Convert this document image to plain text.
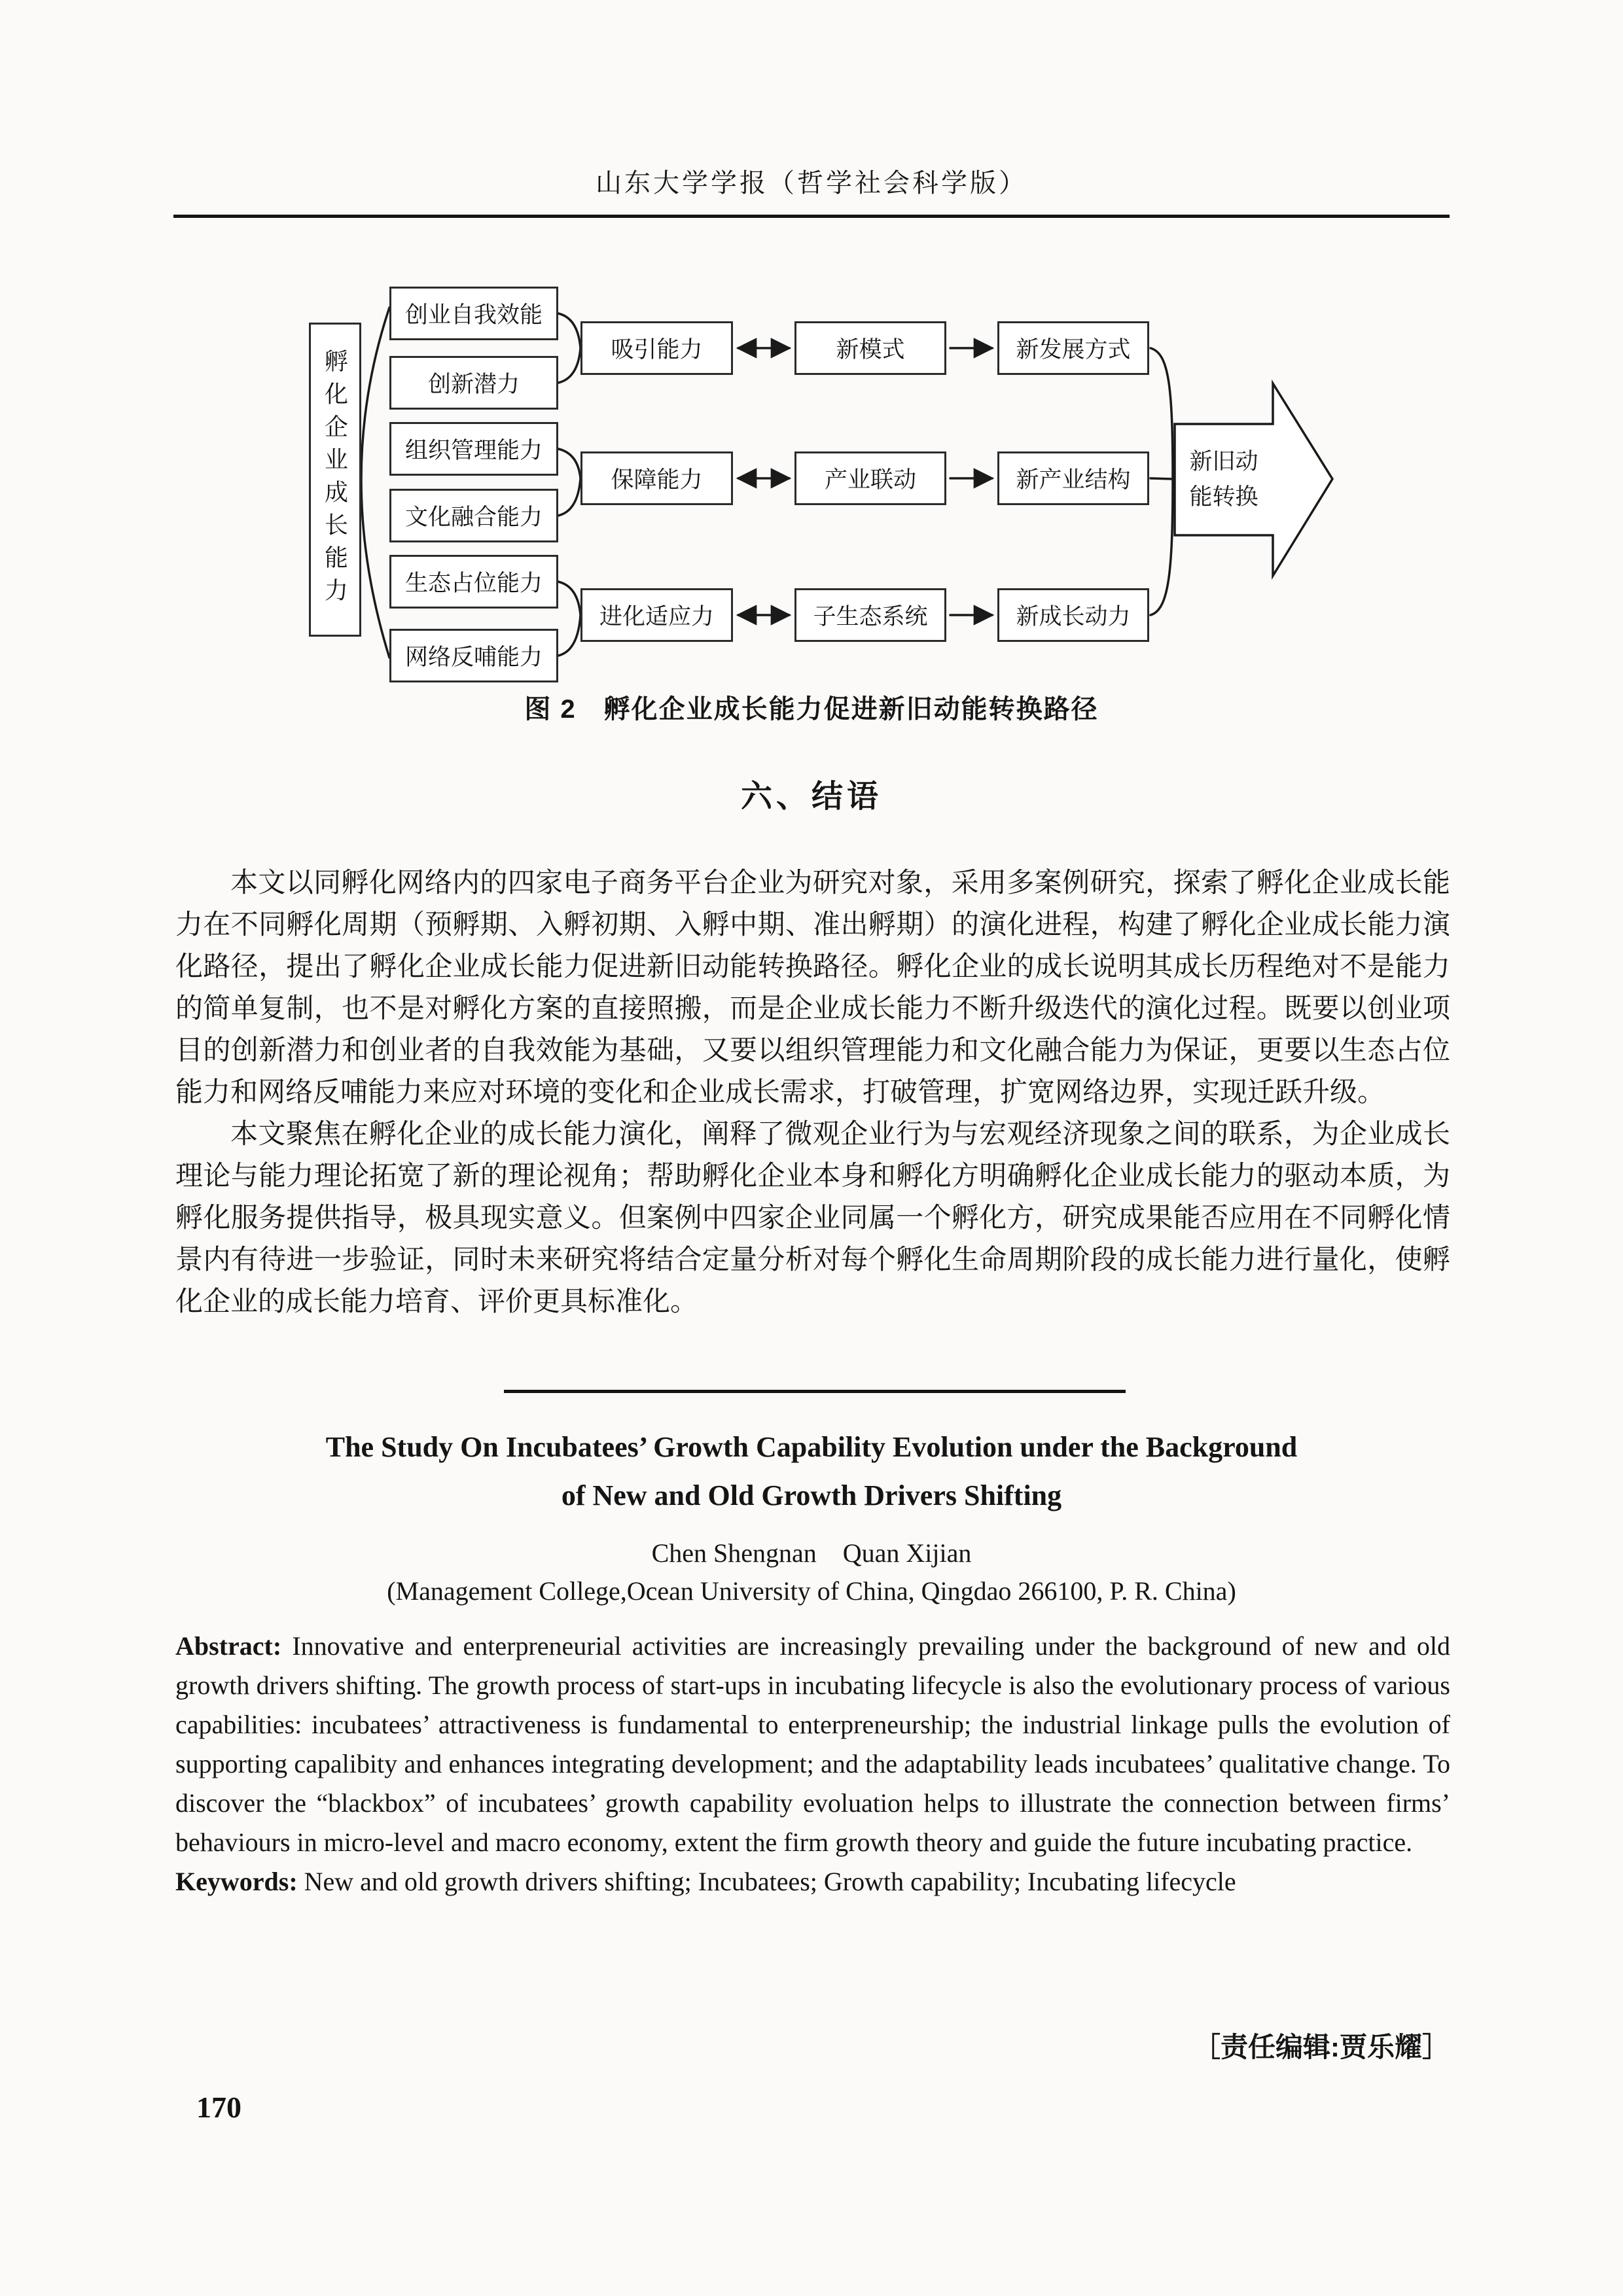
山东大学学报（哲学社会科学版）
孵化企业成长能力
创业自我效能
创新潜力
组织管理能力
文化融合能力
生态占位能力
网络反哺能力
吸引能力
保障能力
进化适应力
新模式
产业联动
子生态系统
新发展方式
新产业结构
新成长动力
新旧动
能转换
图 2　孵化企业成长能力促进新旧动能转换路径
六、结语

本文以同孵化网络内的四家电子商务平台企业为研究对象，采用多案例研究，探索了孵化企业成长能力在不同孵化周期（预孵期、入孵初期、入孵中期、准出孵期）的演化进程，构建了孵化企业成长能力演化路径，提出了孵化企业成长能力促进新旧动能转换路径。孵化企业的成长说明其成长历程绝对不是能力的简单复制，也不是对孵化方案的直接照搬，而是企业成长能力不断升级迭代的演化过程。既要以创业项目的创新潜力和创业者的自我效能为基础，又要以组织管理能力和文化融合能力为保证，更要以生态占位能力和网络反哺能力来应对环境的变化和企业成长需求，打破管理，扩宽网络边界，实现迁跃升级。

本文聚焦在孵化企业的成长能力演化，阐释了微观企业行为与宏观经济现象之间的联系，为企业成长理论与能力理论拓宽了新的理论视角；帮助孵化企业本身和孵化方明确孵化企业成长能力的驱动本质，为孵化服务提供指导，极具现实意义。但案例中四家企业同属一个孵化方，研究成果能否应用在不同孵化情景内有待进一步验证，同时未来研究将结合定量分析对每个孵化生命周期阶段的成长能力进行量化，使孵化企业的成长能力培育、评价更具标准化。

The Study On Incubatees’ Growth Capability Evolution under the Background
of New and Old Growth Drivers Shifting
Chen Shengnan　Quan Xijian
(Management College,Ocean University of China, Qingdao 266100, P. R. China)

Abstract: Innovative and enterpreneurial activities are increasingly prevailing under the background of new and old growth drivers shifting. The growth process of start-ups in incubating lifecycle is also the evolutionary process of various capabilities: incubatees’ attractiveness is fundamental to enterpreneurship; the industrial linkage pulls the evolution of supporting capalibity and enhances integrating development; and the adaptability leads incubatees’ qualitative change. To discover the “blackbox” of incubatees’ growth capability evoluation helps to illustrate the connection between firms’ behaviours in micro-level and macro economy, extent the firm growth theory and guide the future incubating practice.

Keywords: New and old growth drivers shifting; Incubatees; Growth capability; Incubating lifecycle

［责任编辑:贾乐耀］
170
